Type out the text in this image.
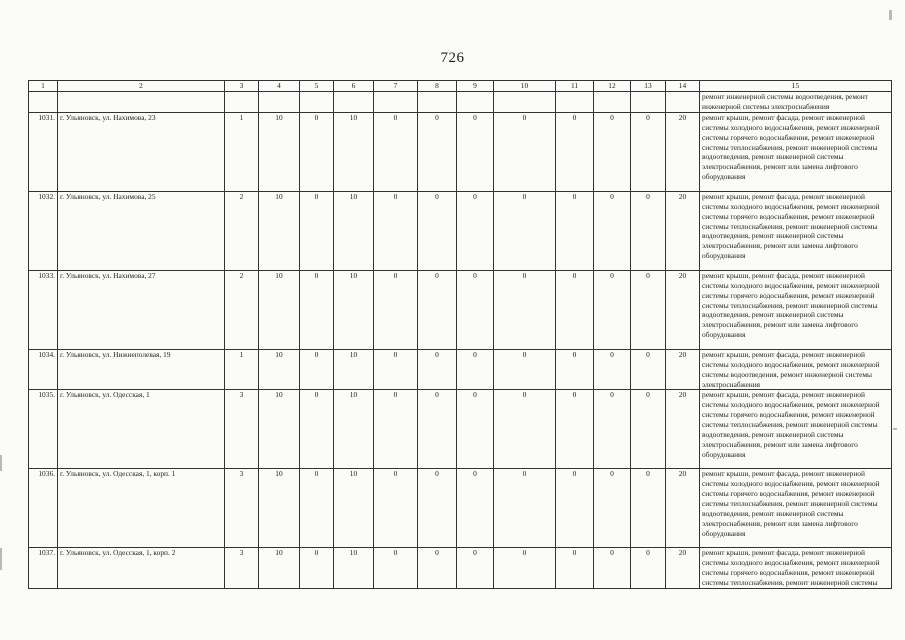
726
1	2	3	4	5	6	7	8	9	10	11	12	13	14	15
														ремонт инженерной системы водоотведения, ремонт инженерной системы электроснабжения
1031.	г. Ульяновск, ул. Нахимова, 23	1	10	0	10	0	0	0	0	0	0	0	20	ремонт крыши, ремонт фасада, ремонт инженерной системы холодного водоснабжения, ремонт инженерной системы горячего водоснабжения, ремонт инженерной системы теплоснабжения, ремонт инженерной системы водоотведения, ремонт инженерной системы электроснабжения, ремонт или замена лифтового оборудования
1032.	г. Ульяновск, ул. Нахимова, 25	2	10	0	10	0	0	0	0	0	0	0	20	ремонт крыши, ремонт фасада, ремонт инженерной системы холодного водоснабжения, ремонт инженерной системы горячего водоснабжения, ремонт инженерной системы теплоснабжения, ремонт инженерной системы водоотведения, ремонт инженерной системы электроснабжения, ремонт или замена лифтового оборудования
1033.	г. Ульяновск, ул. Нахимова, 27	2	10	0	10	0	0	0	0	0	0	0	20	ремонт крыши, ремонт фасада, ремонт инженерной системы холодного водоснабжения, ремонт инженерной системы горячего водоснабжения, ремонт инженерной системы теплоснабжения, ремонт инженерной системы водоотведения, ремонт инженерной системы электроснабжения, ремонт или замена лифтового оборудования
1034.	г. Ульяновск, ул. Нижнеполевая, 19	1	10	0	10	0	0	0	0	0	0	0	20	ремонт крыши, ремонт фасада, ремонт инженерной системы холодного водоснабжения, ремонт инженерной системы водоотведения, ремонт инженерной системы электроснабжения
1035.	г. Ульяновск, ул. Одесская, 1	3	10	0	10	0	0	0	0	0	0	0	20	ремонт крыши, ремонт фасада, ремонт инженерной системы холодного водоснабжения, ремонт инженерной системы горячего водоснабжения, ремонт инженерной системы теплоснабжения, ремонт инженерной системы водоотведения, ремонт инженерной системы электроснабжения, ремонт или замена лифтового оборудования
1036.	г. Ульяновск, ул. Одесская, 1, корп. 1	3	10	0	10	0	0	0	0	0	0	0	20	ремонт крыши, ремонт фасада, ремонт инженерной системы холодного водоснабжения, ремонт инженерной системы горячего водоснабжения, ремонт инженерной системы теплоснабжения, ремонт инженерной системы водоотведения, ремонт инженерной системы электроснабжения, ремонт или замена лифтового оборудования
1037.	г. Ульяновск, ул. Одесская, 1, корп. 2	3	10	0	10	0	0	0	0	0	0	0	20	ремонт крыши, ремонт фасада, ремонт инженерной системы холодного водоснабжения, ремонт инженерной системы горячего водоснабжения, ремонт инженерной системы теплоснабжения, ремонт инженерной системы
